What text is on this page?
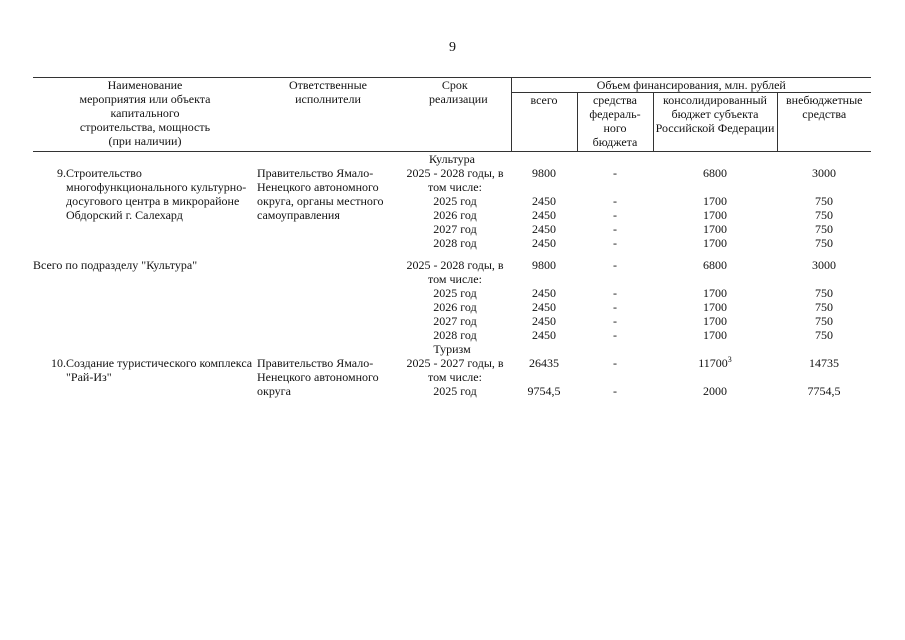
9
Наименование мероприятия или объекта капитального строительства, мощность (при наличии)		Ответственные исполнители	Срок реализации	Объем финансирования, млн. рублей			
				всего	средства федераль-ного бюджета	консолидированный бюджет субъекта Российской Федерации	внебюджетные средства
Культура							
9.	Строительство многофункционального культурно-досугового центра в микрорайоне Обдорский г. Салехард	Правительство Ямало-Ненецкого автономного округа, органы местного самоуправления	2025 - 2028 годы, в том числе:	9800	-	6800	3000
			2025 год	2450	-	1700	750
			2026 год	2450	-	1700	750
			2027 год	2450	-	1700	750
			2028 год	2450	-	1700	750

Всего по подразделу "Культура"			2025 - 2028 годы, в том числе:	9800	-	6800	3000
			2025 год	2450	-	1700	750
			2026 год	2450	-	1700	750
			2027 год	2450	-	1700	750
			2028 год	2450	-	1700	750
Туризм							
10.	Создание туристического комплекса "Рай-Из"	Правительство Ямало-Ненецкого автономного округа	2025 - 2027 годы, в том числе:	26435	-	11700$^3$	14735
			2025 год	9754,5	-	2000	7754,5
